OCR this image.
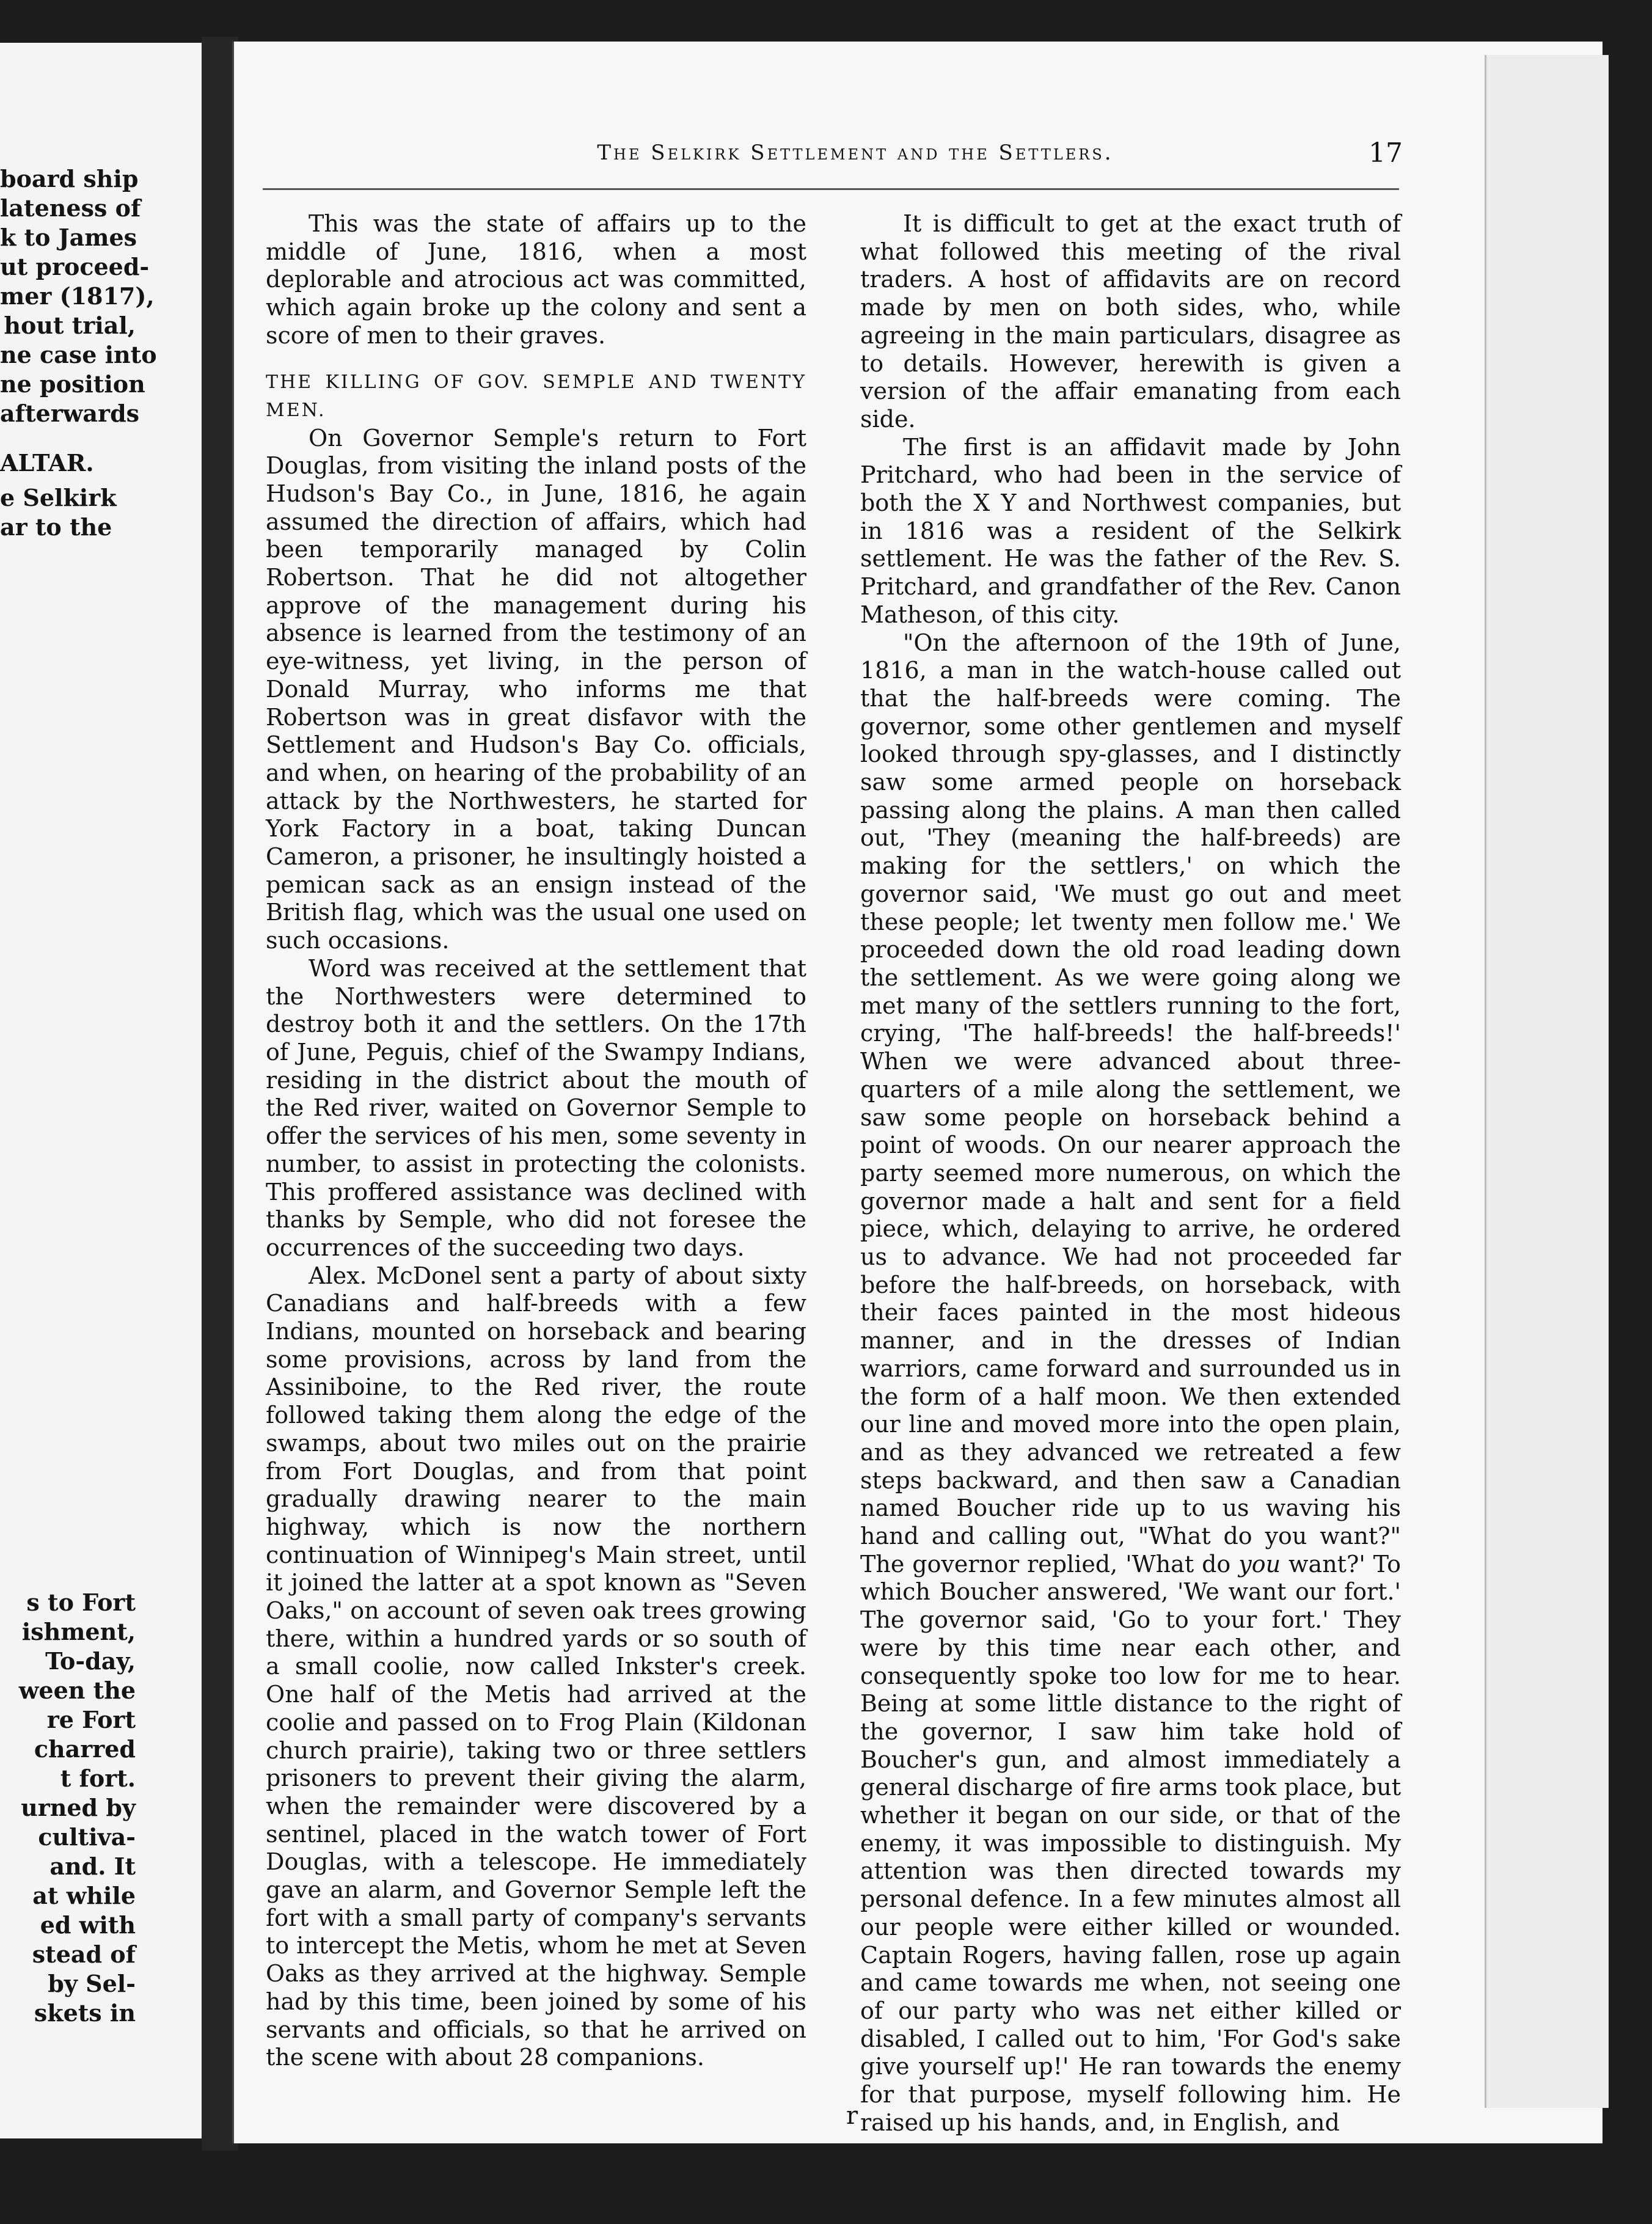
board ship
lateness of
k to James
ut proceed-
mer (1817),
hout trial,
ne case into
ne position
afterwards
ALTAR.
e Selkirk
ar to the
s to Fort
ishment,
To-day,
ween the
re Fort
charred
t fort.
urned by
cultiva-
and. It
at while
ed with
stead of
by Sel-
skets in
The Selkirk Settlement and the Settlers.	17

This was the state of affairs up to the middle of June, 1816, when a most deplorable and atrocious act was committed, which again broke up the colony and sent a score of men to their graves.

THE KILLING OF GOV. SEMPLE AND TWENTY MEN.

On Governor Semple's return to Fort Douglas, from visiting the inland posts of the Hudson's Bay Co., in June, 1816, he again assumed the direction of affairs, which had been temporarily managed by Colin Robertson. That he did not altogether approve of the management during his absence is learned from the testimony of an eye-witness, yet living, in the person of Donald Murray, who informs me that Robertson was in great disfavor with the Settlement and Hudson's Bay Co. officials, and when, on hearing of the probability of an attack by the Northwesters, he started for York Factory in a boat, taking Duncan Cameron, a prisoner, he insultingly hoisted a pemican sack as an ensign instead of the British flag, which was the usual one used on such occasions.

Word was received at the settlement that the Northwesters were determined to destroy both it and the settlers. On the 17th of June, Peguis, chief of the Swampy Indians, residing in the district about the mouth of the Red river, waited on Governor Semple to offer the services of his men, some seventy in number, to assist in protecting the colonists. This proffered assistance was declined with thanks by Semple, who did not foresee the occurrences of the succeeding two days.

Alex. McDonel sent a party of about sixty Canadians and half-breeds with a few Indians, mounted on horseback and bearing some provisions, across by land from the Assiniboine, to the Red river, the route followed taking them along the edge of the swamps, about two miles out on the prairie from Fort Douglas, and from that point gradually drawing nearer to the main highway, which is now the northern continuation of Winnipeg's Main street, until it joined the latter at a spot known as "Seven Oaks," on account of seven oak trees growing there, within a hundred yards or so south of a small coolie, now called Inkster's creek. One half of the Metis had arrived at the coolie and passed on to Frog Plain (Kildonan church prairie), taking two or three settlers prisoners to prevent their giving the alarm, when the remainder were discovered by a sentinel, placed in the watch tower of Fort Douglas, with a telescope. He immediately gave an alarm, and Governor Semple left the fort with a small party of company's servants to intercept the Metis, whom he met at Seven Oaks as they arrived at the highway. Semple had by this time, been joined by some of his servants and officials, so that he arrived on the scene with about 28 companions.

It is difficult to get at the exact truth of what followed this meeting of the rival traders. A host of affidavits are on record made by men on both sides, who, while agreeing in the main particulars, disagree as to details. However, herewith is given a version of the affair emanating from each side.

The first is an affidavit made by John Pritchard, who had been in the service of both the X Y and Northwest companies, but in 1816 was a resident of the Selkirk settlement. He was the father of the Rev. S. Pritchard, and grandfather of the Rev. Canon Matheson, of this city.

"On the afternoon of the 19th of June, 1816, a man in the watch-house called out that the half-breeds were coming. The governor, some other gentlemen and myself looked through spy-glasses, and I distinctly saw some armed people on horseback passing along the plains. A man then called out, 'They (meaning the half-breeds) are making for the settlers,' on which the governor said, 'We must go out and meet these people; let twenty men follow me.' We proceeded down the old road leading down the settlement. As we were going along we met many of the settlers running to the fort, crying, 'The half-breeds! the half-breeds!' When we were advanced about three-quarters of a mile along the settlement, we saw some people on horseback behind a point of woods. On our nearer approach the party seemed more numerous, on which the governor made a halt and sent for a field piece, which, delaying to arrive, he ordered us to advance. We had not proceeded far before the half-breeds, on horseback, with their faces painted in the most hideous manner, and in the dresses of Indian warriors, came forward and surrounded us in the form of a half moon. We then extended our line and moved more into the open plain, and as they advanced we retreated a few steps backward, and then saw a Canadian named Boucher ride up to us waving his hand and calling out, "What do you want?" The governor replied, 'What do you want?' To which Boucher answered, 'We want our fort.' The governor said, 'Go to your fort.' They were by this time near each other, and consequently spoke too low for me to hear. Being at some little distance to the right of the governor, I saw him take hold of Boucher's gun, and almost immediately a general discharge of fire arms took place, but whether it began on our side, or that of the enemy, it was impossible to distinguish. My attention was then directed towards my personal defence. In a few minutes almost all our people were either killed or wounded. Captain Rogers, having fallen, rose up again and came towards me when, not seeing one of our party who was net either killed or disabled, I called out to him, 'For God's sake give yourself up!' He ran towards the enemy for that purpose, myself following him. He raised up his hands, and, in English, and

r
